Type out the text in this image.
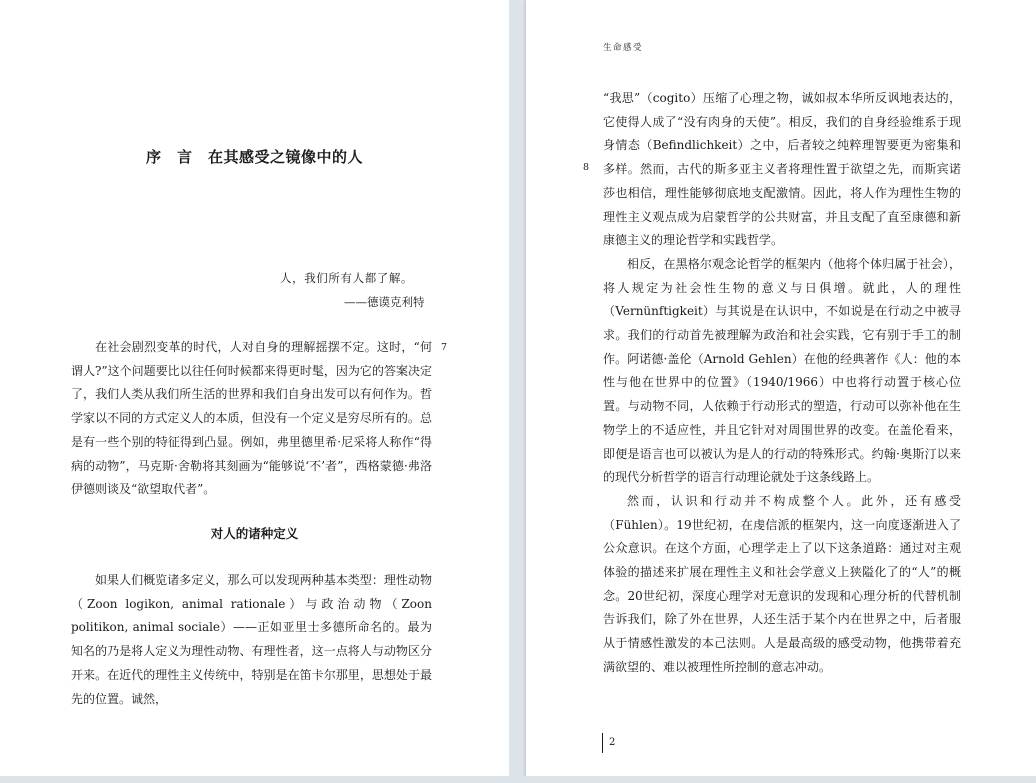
序　言　在其感受之镜像中的人
人，我们所有人都了解。
——德谟克利特

在社会剧烈变革的时代，人对自身的理解摇摆不定。这时，“何谓人?”这个问题要比以往任何时候都来得更时髦，因为它的答案决定了，我们人类从我们所生活的世界和我们自身出发可以有何作为。哲学家以不同的方式定义人的本质，但没有一个定义是穷尽所有的。总是有一些个别的特征得到凸显。例如，弗里德里希·尼采将人称作“得病的动物”，马克斯·舍勒将其刻画为“能够说‘不’者”，西格蒙德·弗洛伊德则谈及“欲望取代者”。

7
对人的诸种定义

如果人们概览诸多定义，那么可以发现两种基本类型：理性动物（Zoon logikon, animal rationale）与政治动物（Zoon politikon, animal sociale）——正如亚里士多德所命名的。最为知名的乃是将人定义为理性动物、有理性者，这一点将人与动物区分开来。在近代的理性主义传统中，特别是在笛卡尔那里，思想处于最先的位置。诚然，

生命感受
8

“我思”（cogito）压缩了心理之物，诚如叔本华所反讽地表达的，它使得人成了“没有肉身的天使”。相反，我们的自身经验维系于现身情态（Befindlichkeit）之中，后者较之纯粹理智要更为密集和多样。然而，古代的斯多亚主义者将理性置于欲望之先，而斯宾诺莎也相信，理性能够彻底地支配激情。因此，将人作为理性生物的理性主义观点成为启蒙哲学的公共财富，并且支配了直至康德和新康德主义的理论哲学和实践哲学。

相反，在黑格尔观念论哲学的框架内（他将个体归属于社会），将人规定为社会性生物的意义与日俱增。就此，人的理性（Vernünftigkeit）与其说是在认识中，不如说是在行动之中被寻求。我们的行动首先被理解为政治和社会实践，它有别于手工的制作。阿诺德·盖伦（Arnold Gehlen）在他的经典著作《人：他的本性与他在世界中的位置》（1940/1966）中也将行动置于核心位置。与动物不同，人依赖于行动形式的塑造，行动可以弥补他在生物学上的不适应性，并且它针对对周围世界的改变。在盖伦看来，即便是语言也可以被认为是人的行动的特殊形式。约翰·奥斯汀以来的现代分析哲学的语言行动理论就处于这条线路上。

然而，认识和行动并不构成整个人。此外，还有感受（Fühlen）。19世纪初，在虔信派的框架内，这一向度逐渐进入了公众意识。在这个方面，心理学走上了以下这条道路：通过对主观体验的描述来扩展在理性主义和社会学意义上狭隘化了的“人”的概念。20世纪初，深度心理学对无意识的发现和心理分析的代替机制告诉我们，除了外在世界，人还生活于某个内在世界之中，后者服从于情感性激发的本己法则。人是最高级的感受动物，他携带着充满欲望的、难以被理性所控制的意志冲动。

2
